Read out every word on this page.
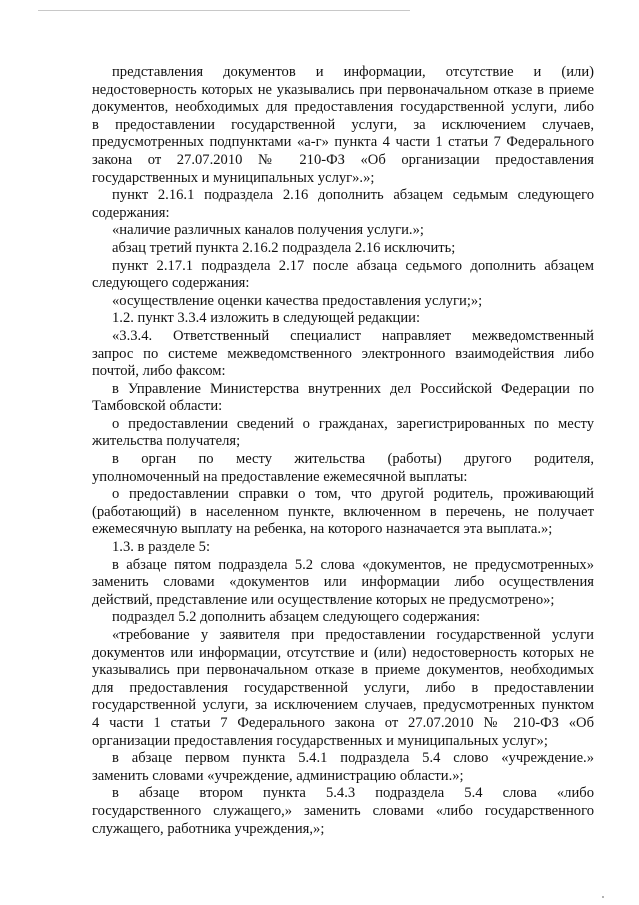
представления документов и информации, отсутствие и (или)
недостоверность которых не указывались при первоначальном отказе в приеме
документов, необходимых для предоставления государственной услуги, либо
в предоставлении государственной услуги, за исключением случаев,
предусмотренных подпунктами «а-г» пункта 4 части 1 статьи 7 Федерального
закона от 27.07.2010 № 210-ФЗ «Об организации предоставления
государственных и муниципальных услуг».»;
пункт 2.16.1 подраздела 2.16 дополнить абзацем седьмым следующего
содержания:
«наличие различных каналов получения услуги.»;
абзац третий пункта 2.16.2 подраздела 2.16 исключить;
пункт 2.17.1 подраздела 2.17 после абзаца седьмого дополнить абзацем
следующего содержания:
«осуществление оценки качества предоставления услуги;»;
1.2. пункт 3.3.4 изложить в следующей редакции:
«3.3.4. Ответственный специалист направляет межведомственный
запрос по системе межведомственного электронного взаимодействия либо
почтой, либо факсом:
в Управление Министерства внутренних дел Российской Федерации по
Тамбовской области:
о предоставлении сведений о гражданах, зарегистрированных по месту
жительства получателя;
в орган по месту жительства (работы) другого родителя,
уполномоченный на предоставление ежемесячной выплаты:
о предоставлении справки о том, что другой родитель, проживающий
(работающий) в населенном пункте, включенном в перечень, не получает
ежемесячную выплату на ребенка, на которого назначается эта выплата.»;
1.3. в разделе 5:
в абзаце пятом подраздела 5.2 слова «документов, не предусмотренных»
заменить словами «документов или информации либо осуществления
действий, представление или осуществление которых не предусмотрено»;
подраздел 5.2 дополнить абзацем следующего содержания:
«требование у заявителя при предоставлении государственной услуги
документов или информации, отсутствие и (или) недостоверность которых не
указывались при первоначальном отказе в приеме документов, необходимых
для предоставления государственной услуги, либо в предоставлении
государственной услуги, за исключением случаев, предусмотренных пунктом
4 части 1 статьи 7 Федерального закона от 27.07.2010 № 210-ФЗ «Об
организации предоставления государственных и муниципальных услуг»;
в абзаце первом пункта 5.4.1 подраздела 5.4 слово «учреждение.»
заменить словами «учреждение, администрацию области.»;
в абзаце втором пункта 5.4.3 подраздела 5.4 слова «либо
государственного служащего,» заменить словами «либо государственного
служащего, работника учреждения,»;
